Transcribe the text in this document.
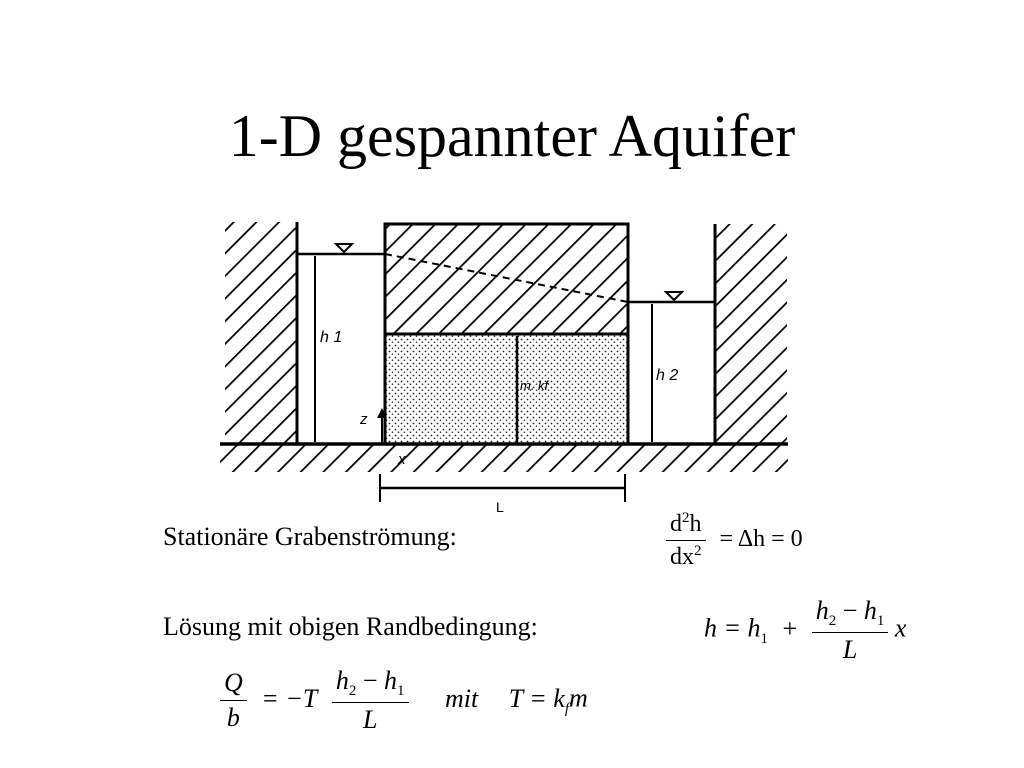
1-D gespannter Aquifer
h 1
h 2
m. kf
z
x
L
Stationäre Grabenströmung:	$\frac{d^2h}{dx^2} = \Delta h = 0$
Lösung mit obigen Randbedingung:	$h = h_1 + \frac{h_2 - h_1}{L}$ x
$\frac{Q}{b} = -T \frac{h_2 - h_1}{L}$ mit $T = k_fm$
